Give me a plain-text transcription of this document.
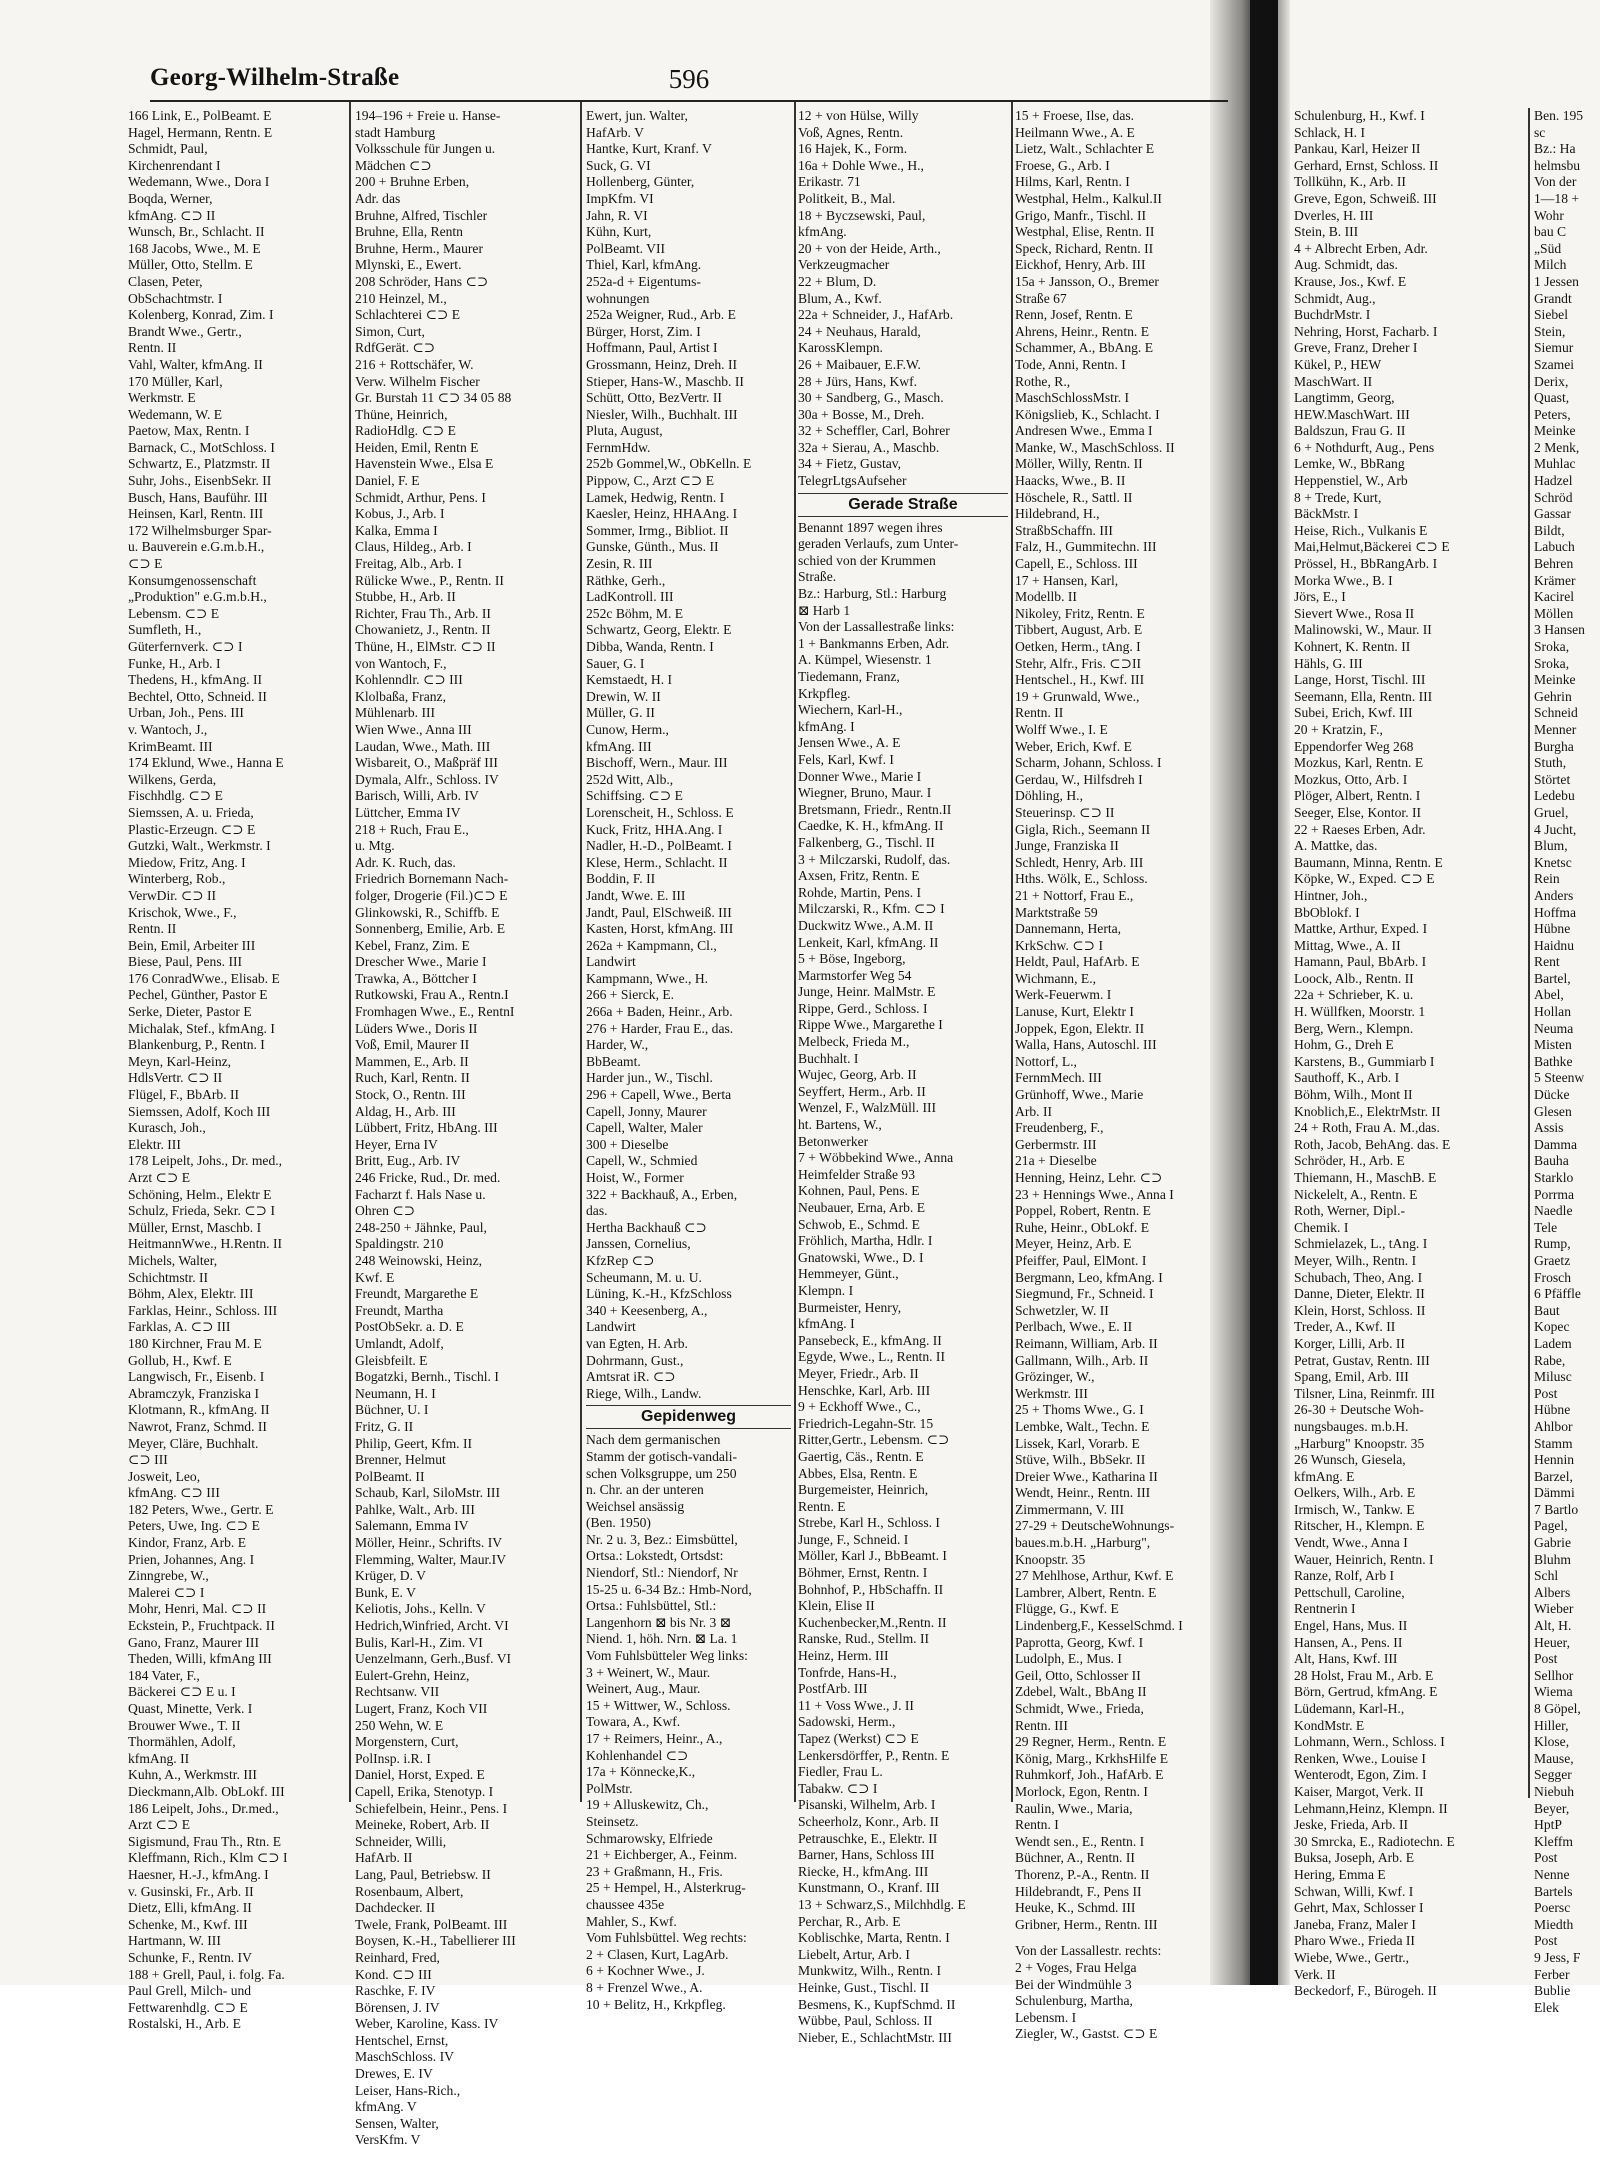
Georg-Wilhelm-Straße	596
166 Link, E., PolBeamt. E
Hagel, Hermann, Rentn. E
Schmidt, Paul,
Kirchenrendant I
Wedemann, Wwe., Dora I
Boqda, Werner,
kfmAng. ⊂⊃ II
Wunsch, Br., Schlacht. II
168 Jacobs, Wwe., M. E
Müller, Otto, Stellm. E
Clasen, Peter,
ObSchachtmstr. I
Kolenberg, Konrad, Zim. I
Brandt Wwe., Gertr.,
Rentn. II
Vahl, Walter, kfmAng. II
170 Müller, Karl,
Werkmstr. E
Wedemann, W. E
Paetow, Max, Rentn. I
Barnack, C., MotSchloss. I
Schwartz, E., Platzmstr. II
Suhr, Johs., EisenbSekr. II
Busch, Hans, Bauführ. III
Heinsen, Karl, Rentn. III
172 Wilhelmsburger Spar-
u. Bauverein e.G.m.b.H.,
⊂⊃ E
Konsumgenossenschaft
„Produktion" e.G.m.b.H.,
Lebensm. ⊂⊃ E
Sumfleth, H.,
Güterfernverk. ⊂⊃ I
Funke, H., Arb. I
Thedens, H., kfmAng. II
Bechtel, Otto, Schneid. II
Urban, Joh., Pens. III
v. Wantoch, J.,
KrimBeamt. III
174 Eklund, Wwe., Hanna E
Wilkens, Gerda,
Fischhdlg. ⊂⊃ E
Siemssen, A. u. Frieda,
Plastic-Erzeugn. ⊂⊃ E
Gutzki, Walt., Werkmstr. I
Miedow, Fritz, Ang. I
Winterberg, Rob.,
VerwDir. ⊂⊃ II
Krischok, Wwe., F.,
Rentn. II
Bein, Emil, Arbeiter III
Biese, Paul, Pens. III
176 ConradWwe., Elisab. E
Pechel, Günther, Pastor E
Serke, Dieter, Pastor E
Michalak, Stef., kfmAng. I
Blankenburg, P., Rentn. I
Meyn, Karl-Heinz,
HdlsVertr. ⊂⊃ II
Flügel, F., BbArb. II
Siemssen, Adolf, Koch III
Kurasch, Joh.,
Elektr. III
178 Leipelt, Johs., Dr. med.,
Arzt ⊂⊃ E
Schöning, Helm., Elektr E
Schulz, Frieda, Sekr. ⊂⊃ I
Müller, Ernst, Maschb. I
HeitmannWwe., H.Rentn. II
Michels, Walter,
Schichtmstr. II
Böhm, Alex, Elektr. III
Farklas, Heinr., Schloss. III
Farklas, A. ⊂⊃ III
180 Kirchner, Frau M. E
Gollub, H., Kwf. E
Langwisch, Fr., Eisenb. I
Abramczyk, Franziska I
Klotmann, R., kfmAng. II
Nawrot, Franz, Schmd. II
Meyer, Cläre, Buchhalt.
⊂⊃ III
Josweit, Leo,
kfmAng. ⊂⊃ III
182 Peters, Wwe., Gertr. E
Peters, Uwe, Ing. ⊂⊃ E
Kindor, Franz, Arb. E
Prien, Johannes, Ang. I
Zinngrebe, W.,
Malerei ⊂⊃ I
Mohr, Henri, Mal. ⊂⊃ II
Eckstein, P., Fruchtpack. II
Gano, Franz, Maurer III
Theden, Willi, kfmAng III
184 Vater, F.,
Bäckerei ⊂⊃ E u. I
Quast, Minette, Verk. I
Brouwer Wwe., T. II
Thormählen, Adolf,
kfmAng. II
Kuhn, A., Werkmstr. III
Dieckmann,Alb. ObLokf. III
186 Leipelt, Johs., Dr.med.,
Arzt ⊂⊃ E
Sigismund, Frau Th., Rtn. E
Kleffmann, Rich., Klm ⊂⊃ I
Haesner, H.-J., kfmAng. I
v. Gusinski, Fr., Arb. II
Dietz, Elli, kfmAng. II
Schenke, M., Kwf. III
Hartmann, W. III
Schunke, F., Rentn. IV
188 + Grell, Paul, i. folg. Fa.
Paul Grell, Milch- und
Fettwarenhdlg. ⊂⊃ E
Rostalski, H., Arb. E
194–196 + Freie u. Hanse-
stadt Hamburg
Volksschule für Jungen u.
Mädchen ⊂⊃
200 + Bruhne Erben,
Adr. das
Bruhne, Alfred, Tischler
Bruhne, Ella, Rentn
Bruhne, Herm., Maurer
Mlynski, E., Ewert.
208 Schröder, Hans ⊂⊃
210 Heinzel, M.,
Schlachterei ⊂⊃ E
Simon, Curt,
RdfGerät. ⊂⊃
216 + Rottschäfer, W.
Verw. Wilhelm Fischer
Gr. Burstah 11 ⊂⊃ 34 05 88
Thüne, Heinrich,
RadioHdlg. ⊂⊃ E
Heiden, Emil, Rentn E
Havenstein Wwe., Elsa E
Daniel, F. E
Schmidt, Arthur, Pens. I
Kobus, J., Arb. I
Kalka, Emma I
Claus, Hildeg., Arb. I
Freitag, Alb., Arb. I
Rülicke Wwe., P., Rentn. II
Stubbe, H., Arb. II
Richter, Frau Th., Arb. II
Chowanietz, J., Rentn. II
Thüne, H., ElMstr. ⊂⊃ II
von Wantoch, F.,
Kohlenndlr. ⊂⊃ III
Klolbaßa, Franz,
Mühlenarb. III
Wien Wwe., Anna III
Laudan, Wwe., Math. III
Wisbareit, O., Maßpräf III
Dymala, Alfr., Schloss. IV
Barisch, Willi, Arb. IV
Lüttcher, Emma IV
218 + Ruch, Frau E.,
u. Mtg.
Adr. K. Ruch, das.
Friedrich Bornemann Nach-
folger, Drogerie (Fil.)⊂⊃ E
Glinkowski, R., Schiffb. E
Sonnenberg, Emilie, Arb. E
Kebel, Franz, Zim. E
Drescher Wwe., Marie I
Trawka, A., Böttcher I
Rutkowski, Frau A., Rentn.I
Fromhagen Wwe., E., RentnI
Lüders Wwe., Doris II
Voß, Emil, Maurer II
Mammen, E., Arb. II
Ruch, Karl, Rentn. II
Stock, O., Rentn. III
Aldag, H., Arb. III
Lübbert, Fritz, HbAng. III
Heyer, Erna IV
Britt, Eug., Arb. IV
246 Fricke, Rud., Dr. med.
Facharzt f. Hals Nase u.
Ohren ⊂⊃
248-250 + Jähnke, Paul,
Spaldingstr. 210
248 Weinowski, Heinz,
Kwf. E
Freundt, Margarethe E
Freundt, Martha
PostObSekr. a. D. E
Umlandt, Adolf,
Gleisbfeilt. E
Bogatzki, Bernh., Tischl. I
Neumann, H. I
Büchner, U. I
Fritz, G. II
Philip, Geert, Kfm. II
Brenner, Helmut
PolBeamt. II
Schaub, Karl, SiloMstr. III
Pahlke, Walt., Arb. III
Salemann, Emma IV
Möller, Heinr., Schrifts. IV
Flemming, Walter, Maur.IV
Krüger, D. V
Bunk, E. V
Keliotis, Johs., Kelln. V
Hedrich,Winfried, Archt. VI
Bulis, Karl-H., Zim. VI
Uenzelmann, Gerh.,Busf. VI
Eulert-Grehn, Heinz,
Rechtsanw. VII
Lugert, Franz, Koch VII
250 Wehn, W. E
Morgenstern, Curt,
PolInsp. i.R. I
Daniel, Horst, Exped. E
Capell, Erika, Stenotyp. I
Schiefelbein, Heinr., Pens. I
Meineke, Robert, Arb. II
Schneider, Willi,
HafArb. II
Lang, Paul, Betriebsw. II
Rosenbaum, Albert,
Dachdecker. II
Twele, Frank, PolBeamt. III
Boysen, K.-H., Tabellierer III
Reinhard, Fred,
Kond. ⊂⊃ III
Raschke, F. IV
Börensen, J. IV
Weber, Karoline, Kass. IV
Hentschel, Ernst,
MaschSchloss. IV
Drewes, E. IV
Leiser, Hans-Rich.,
kfmAng. V
Sensen, Walter,
VersKfm. V
Ewert, jun. Walter,
HafArb. V
Hantke, Kurt, Kranf. V
Suck, G. VI
Hollenberg, Günter,
ImpKfm. VI
Jahn, R. VI
Kühn, Kurt,
PolBeamt. VII
Thiel, Karl, kfmAng.
252a-d + Eigentums-
wohnungen
252a Weigner, Rud., Arb. E
Bürger, Horst, Zim. I
Hoffmann, Paul, Artist I
Grossmann, Heinz, Dreh. II
Stieper, Hans-W., Maschb. II
Schütt, Otto, BezVertr. II
Niesler, Wilh., Buchhalt. III
Pluta, August,
FernmHdw.
252b Gommel,W., ObKelln. E
Pippow, C., Arzt ⊂⊃ E
Lamek, Hedwig, Rentn. I
Kaesler, Heinz, HHAAng. I
Sommer, Irmg., Bibliot. II
Gunske, Günth., Mus. II
Zesin, R. III
Räthke, Gerh.,
LadKontroll. III
252c Böhm, M. E
Schwartz, Georg, Elektr. E
Dibba, Wanda, Rentn. I
Sauer, G. I
Kemstaedt, H. I
Drewin, W. II
Müller, G. II
Cunow, Herm.,
kfmAng. III
Bischoff, Wern., Maur. III
252d Witt, Alb.,
Schiffsing. ⊂⊃ E
Lorenscheit, H., Schloss. E
Kuck, Fritz, HHA.Ang. I
Nadler, H.-D., PolBeamt. I
Klese, Herm., Schlacht. II
Boddin, F. II
Jandt, Wwe. E. III
Jandt, Paul, ElSchweiß. III
Kasten, Horst, kfmAng. III
262a + Kampmann, Cl.,
Landwirt
Kampmann, Wwe., H.
266 + Sierck, E.
266a + Baden, Heinr., Arb.
276 + Harder, Frau E., das.
Harder, W.,
BbBeamt.
Harder jun., W., Tischl.
296 + Capell, Wwe., Berta
Capell, Jonny, Maurer
Capell, Walter, Maler
300 + Dieselbe
Capell, W., Schmied
Hoist, W., Former
322 + Backhauß, A., Erben,
das.
Hertha Backhauß ⊂⊃
Janssen, Cornelius,
KfzRep ⊂⊃
Scheumann, M. u. U.
Lüning, K.-H., KfzSchloss
340 + Keesenberg, A.,
Landwirt
van Egten, H. Arb.
Dohrmann, Gust.,
Amtsrat iR. ⊂⊃
Riege, Wilh., Landw.
Gepidenweg
Nach dem germanischen
Stamm der gotisch-vandali-
schen Volksgruppe, um 250
n. Chr. an der unteren
Weichsel ansässig
(Ben. 1950)
Nr. 2 u. 3, Bez.: Eimsbüttel,
Ortsa.: Lokstedt, Ortsdst:
Niendorf, Stl.: Niendorf, Nr
15-25 u. 6-34 Bz.: Hmb-Nord,
Ortsa.: Fuhlsbüttel, Stl.:
Langenhorn ⊠ bis Nr. 3 ⊠
Niend. 1, höh. Nrn. ⊠ La. 1
Vom Fuhlsbütteler Weg links:
3 + Weinert, W., Maur.
Weinert, Aug., Maur.
15 + Wittwer, W., Schloss.
Towara, A., Kwf.
17 + Reimers, Heinr., A.,
Kohlenhandel ⊂⊃
17a + Könnecke,K.,
PolMstr.
19 + Alluskewitz, Ch.,
Steinsetz.
Schmarowsky, Elfriede
21 + Eichberger, A., Feinm.
23 + Graßmann, H., Fris.
25 + Hempel, H., Alsterkrug-
chaussee 435e
Mahler, S., Kwf.
Vom Fuhlsbüttel. Weg rechts:
2 + Clasen, Kurt, LagArb.
6 + Kochner Wwe., J.
8 + Frenzel Wwe., A.
10 + Belitz, H., Krkpfleg.
12 + von Hülse, Willy
Voß, Agnes, Rentn.
16 Hajek, K., Form.
16a + Dohle Wwe., H.,
Erikastr. 71
Politkeit, B., Mal.
18 + Byczsewski, Paul,
kfmAng.
20 + von der Heide, Arth.,
Verkzeugmacher
22 + Blum, D.
Blum, A., Kwf.
22a + Schneider, J., HafArb.
24 + Neuhaus, Harald,
KarossKlempn.
26 + Maibauer, E.F.W.
28 + Jürs, Hans, Kwf.
30 + Sandberg, G., Masch.
30a + Bosse, M., Dreh.
32 + Scheffler, Carl, Bohrer
32a + Sierau, A., Maschb.
34 + Fietz, Gustav,
TelegrLtgsAufseher
Gerade Straße
Benannt 1897 wegen ihres
geraden Verlaufs, zum Unter-
schied von der Krummen
Straße.
Bz.: Harburg, Stl.: Harburg
⊠ Harb 1
Von der Lassallestraße links:
1 + Bankmanns Erben, Adr.
A. Kümpel, Wiesenstr. 1
Tiedemann, Franz,
Krkpfleg.
Wiechern, Karl-H.,
kfmAng. I
Jensen Wwe., A. E
Fels, Karl, Kwf. I
Donner Wwe., Marie I
Wiegner, Bruno, Maur. I
Bretsmann, Friedr., Rentn.II
Caedke, K. H., kfmAng. II
Falkenberg, G., Tischl. II
3 + Milczarski, Rudolf, das.
Axsen, Fritz, Rentn. E
Rohde, Martin, Pens. I
Milczarski, R., Kfm. ⊂⊃ I
Duckwitz Wwe., A.M. II
Lenkeit, Karl, kfmAng. II
5 + Böse, Ingeborg,
Marmstorfer Weg 54
Junge, Heinr. MalMstr. E
Rippe, Gerd., Schloss. I
Rippe Wwe., Margarethe I
Melbeck, Frieda M.,
Buchhalt. I
Wujec, Georg, Arb. II
Seyffert, Herm., Arb. II
Wenzel, F., WalzMüll. III
ht. Bartens, W.,
Betonwerker
7 + Wöbbekind Wwe., Anna
Heimfelder Straße 93
Kohnen, Paul, Pens. E
Neubauer, Erna, Arb. E
Schwob, E., Schmd. E
Fröhlich, Martha, Hdlr. I
Gnatowski, Wwe., D. I
Hemmeyer, Günt.,
Klempn. I
Burmeister, Henry,
kfmAng. I
Pansebeck, E., kfmAng. II
Egyde, Wwe., L., Rentn. II
Meyer, Friedr., Arb. II
Henschke, Karl, Arb. III
9 + Eckhoff Wwe., C.,
Friedrich-Legahn-Str. 15
Ritter,Gertr., Lebensm. ⊂⊃
Gaertig, Cäs., Rentn. E
Abbes, Elsa, Rentn. E
Burgemeister, Heinrich,
Rentn. E
Strebe, Karl H., Schloss. I
Junge, F., Schneid. I
Möller, Karl J., BbBeamt. I
Böhmer, Ernst, Rentn. I
Bohnhof, P., HbSchaffn. II
Klein, Elise II
Kuchenbecker,M.,Rentn. II
Ranske, Rud., Stellm. II
Heinz, Herm. III
Tonfrde, Hans-H.,
PostfArb. III
11 + Voss Wwe., J. II
Sadowski, Herm.,
Tapez (Werkst) ⊂⊃ E
Lenkersdörffer, P., Rentn. E
Fiedler, Frau L.
Tabakw. ⊂⊃ I
Pisanski, Wilhelm, Arb. I
Scheerholz, Konr., Arb. II
Petrauschke, E., Elektr. II
Barner, Hans, Schloss III
Riecke, H., kfmAng. III
Kunstmann, O., Kranf. III
13 + Schwarz,S., Milchhdlg. E
Perchar, R., Arb. E
Koblischke, Marta, Rentn. I
Liebelt, Artur, Arb. I
Munkwitz, Wilh., Rentn. I
Heinke, Gust., Tischl. II
Besmens, K., KupfSchmd. II
Wübbe, Paul, Schloss. II
Nieber, E., SchlachtMstr. III
15 + Froese, Ilse, das.
Heilmann Wwe., A. E
Lietz, Walt., Schlachter E
Froese, G., Arb. I
Hilms, Karl, Rentn. I
Westphal, Helm., Kalkul.II
Grigo, Manfr., Tischl. II
Westphal, Elise, Rentn. II
Speck, Richard, Rentn. II
Eickhof, Henry, Arb. III
15a + Jansson, O., Bremer
Straße 67
Renn, Josef, Rentn. E
Ahrens, Heinr., Rentn. E
Schammer, A., BbAng. E
Tode, Anni, Rentn. I
Rothe, R.,
MaschSchlossMstr. I
Königslieb, K., Schlacht. I
Andresen Wwe., Emma I
Manke, W., MaschSchloss. II
Möller, Willy, Rentn. II
Haacks, Wwe., B. II
Höschele, R., Sattl. II
Hildebrand, H.,
StraßbSchaffn. III
Falz, H., Gummitechn. III
Capell, E., Schloss. III
17 + Hansen, Karl,
Modellb. II
Nikoley, Fritz, Rentn. E
Tibbert, August, Arb. E
Oetken, Herm., tAng. I
Stehr, Alfr., Fris. ⊂⊃II
Hentschel., H., Kwf. III
19 + Grunwald, Wwe.,
Rentn. II
Wolff Wwe., I. E
Weber, Erich, Kwf. E
Scharm, Johann, Schloss. I
Gerdau, W., Hilfsdreh I
Döhling, H.,
Steuerinsp. ⊂⊃ II
Gigla, Rich., Seemann II
Junge, Franziska II
Schledt, Henry, Arb. III
Hths. Wölk, E., Schloss.
21 + Nottorf, Frau E.,
Marktstraße 59
Dannemann, Herta,
KrkSchw. ⊂⊃ I
Heldt, Paul, HafArb. E
Wichmann, E.,
Werk-Feuerwm. I
Lanuse, Kurt, Elektr I
Joppek, Egon, Elektr. II
Walla, Hans, Autoschl. III
Nottorf, L.,
FernmMech. III
Grünhoff, Wwe., Marie
Arb. II
Freudenberg, F.,
Gerbermstr. III
21a + Dieselbe
Henning, Heinz, Lehr. ⊂⊃
23 + Hennings Wwe., Anna I
Poppel, Robert, Rentn. E
Ruhe, Heinr., ObLokf. E
Meyer, Heinz, Arb. E
Pfeiffer, Paul, ElMont. I
Bergmann, Leo, kfmAng. I
Siegmund, Fr., Schneid. I
Schwetzler, W. II
Perlbach, Wwe., E. II
Reimann, William, Arb. II
Gallmann, Wilh., Arb. II
Grözinger, W.,
Werkmstr. III
25 + Thoms Wwe., G. I
Lembke, Walt., Techn. E
Lissek, Karl, Vorarb. E
Stüve, Wilh., BbSekr. II
Dreier Wwe., Katharina II
Wendt, Heinr., Rentn. III
Zimmermann, V. III
27-29 + DeutscheWohnungs-
baues.m.b.H. „Harburg",
Knoopstr. 35
27 Mehlhose, Arthur, Kwf. E
Lambrer, Albert, Rentn. E
Flügge, G., Kwf. E
Lindenberg,F., KesselSchmd. I
Paprotta, Georg, Kwf. I
Ludolph, E., Mus. I
Geil, Otto, Schlosser II
Zdebel, Walt., BbAng II
Schmidt, Wwe., Frieda,
Rentn. III
29 Regner, Herm., Rentn. E
König, Marg., KrkhsHilfe E
Ruhmkorf, Joh., HafArb. E
Morlock, Egon, Rentn. I
Raulin, Wwe., Maria,
Rentn. I
Wendt sen., E., Rentn. I
Büchner, A., Rentn. II
Thorenz, P.-A., Rentn. II
Hildebrandt, F., Pens II
Heuke, K., Schmd. III
Gribner, Herm., Rentn. III
Von der Lassallestr. rechts:
2 + Voges, Frau Helga
Bei der Windmühle 3
Schulenburg, Martha,
Lebensm. I
Ziegler, W., Gastst. ⊂⊃ E
Schulenburg, H., Kwf. I
Schlack, H. I
Pankau, Karl, Heizer II
Gerhard, Ernst, Schloss. II
Tollkühn, K., Arb. II
Greve, Egon, Schweiß. III
Dverles, H. III
Stein, B. III
4 + Albrecht Erben, Adr.
Aug. Schmidt, das.
Krause, Jos., Kwf. E
Schmidt, Aug.,
BuchdrMstr. I
Nehring, Horst, Facharb. I
Greve, Franz, Dreher I
Kükel, P., HEW
MaschWart. II
Langtimm, Georg,
HEW.MaschWart. III
Baldszun, Frau G. II
6 + Nothdurft, Aug., Pens
Lemke, W., BbRang
Heppenstiel, W., Arb
8 + Trede, Kurt,
BäckMstr. I
Heise, Rich., Vulkanis E
Mai,Helmut,Bäckerei ⊂⊃ E
Prössel, H., BbRangArb. I
Morka Wwe., B. I
Jörs, E., I
Sievert Wwe., Rosa II
Malinowski, W., Maur. II
Kohnert, K. Rentn. II
Hähls, G. III
Lange, Horst, Tischl. III
Seemann, Ella, Rentn. III
Subei, Erich, Kwf. III
20 + Kratzin, F.,
Eppendorfer Weg 268
Mozkus, Karl, Rentn. E
Mozkus, Otto, Arb. I
Plöger, Albert, Rentn. I
Seeger, Else, Kontor. II
22 + Raeses Erben, Adr.
A. Mattke, das.
Baumann, Minna, Rentn. E
Köpke, W., Exped. ⊂⊃ E
Hintner, Joh.,
BbOblokf. I
Mattke, Arthur, Exped. I
Mittag, Wwe., A. II
Hamann, Paul, BbArb. I
Loock, Alb., Rentn. II
22a + Schrieber, K. u.
H. Wüllfken, Moorstr. 1
Berg, Wern., Klempn.
Hohm, G., Dreh E
Karstens, B., Gummiarb I
Sauthoff, K., Arb. I
Böhm, Wilh., Mont II
Knoblich,E., ElektrMstr. II
24 + Roth, Frau A. M.,das.
Roth, Jacob, BehAng. das. E
Schröder, H., Arb. E
Thiemann, H., MaschB. E
Nickelelt, A., Rentn. E
Roth, Werner, Dipl.-
Chemik. I
Schmielazek, L., tAng. I
Meyer, Wilh., Rentn. I
Schubach, Theo, Ang. I
Danne, Dieter, Elektr. II
Klein, Horst, Schloss. II
Treder, A., Kwf. II
Korger, Lilli, Arb. II
Petrat, Gustav, Rentn. III
Spang, Emil, Arb. III
Tilsner, Lina, Reinmfr. III
26-30 + Deutsche Woh-
nungsbauges. m.b.H.
„Harburg" Knoopstr. 35
26 Wunsch, Giesela,
kfmAng. E
Oelkers, Wilh., Arb. E
Irmisch, W., Tankw. E
Ritscher, H., Klempn. E
Vendt, Wwe., Anna I
Wauer, Heinrich, Rentn. I
Ranze, Rolf, Arb I
Pettschull, Caroline,
Rentnerin I
Engel, Hans, Mus. II
Hansen, A., Pens. II
Alt, Hans, Kwf. III
28 Holst, Frau M., Arb. E
Börn, Gertrud, kfmAng. E
Lüdemann, Karl-H.,
KondMstr. E
Lohmann, Wern., Schloss. I
Renken, Wwe., Louise I
Wenterodt, Egon, Zim. I
Kaiser, Margot, Verk. II
Lehmann,Heinz, Klempn. II
Jeske, Frieda, Arb. II
30 Smrcka, E., Radiotechn. E
Buksa, Joseph, Arb. E
Hering, Emma E
Schwan, Willi, Kwf. I
Gehrt, Max, Schlosser I
Janeba, Franz, Maler I
Pharo Wwe., Frieda II
Wiebe, Wwe., Gertr.,
Verk. II
Beckedorf, F., Bürogeh. II
Ben. 195
sc
Bz.: Ha
helmsbu
Von der
1—18 +
Wohr
bau C
„Süd
Milch
1 Jessen
Grandt
Siebel
Stein,
Siemur
Szamei
Derix,
Quast,
Peters,
Meinke
2 Menk,
Muhlac
Hadzel
Schröd
Gassar
Bildt,
Labuch
Behren
Krämer
Kacirel
Möllen
3 Hansen
Sroka,
Sroka,
Meinke
Gehrin
Schneid
Menner
Burgha
Stuth,
Störtet
Ledebu
Gruel,
4 Jucht,
Blum,
Knetsc
Rein
Anders
Hoffma
Hübne
Haidnu
Rent
Bartel,
Abel,
Hollan
Neuma
Misten
Bathke
5 Steenw
Dücke
Glesen
Assis
Damma
Bauha
Starklo
Porrma
Naedle
Tele
Rump,
Graetz
Frosch
6 Pfäffle
Baut
Kopec
Ladem
Rabe,
Milusc
Post
Hübne
Ahlbor
Stamm
Hennin
Barzel,
Dämmi
7 Bartlo
Pagel,
Gabrie
Bluhm
Schl
Albers
Wieber
Alt, H.
Heuer,
Post
Sellhor
Wiema
8 Göpel,
Hiller,
Klose,
Mause,
Segger
Niebuh
Beyer,
HptP
Kleffm
Post
Nenne
Bartels
Poersc
Miedth
Post
9 Jess, F
Ferber
Bublie
Elek
